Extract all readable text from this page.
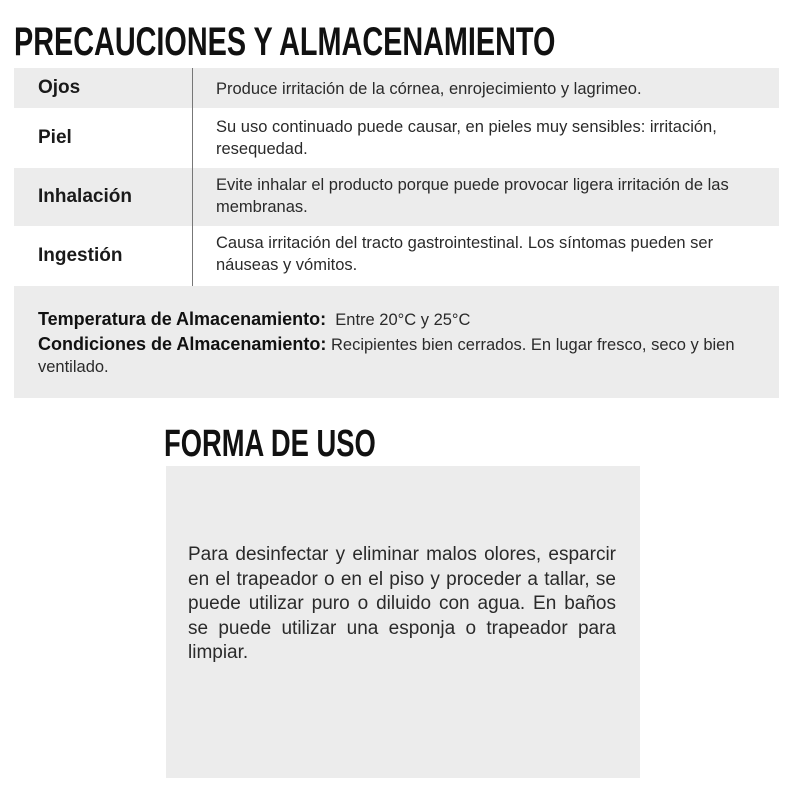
PRECAUCIONES Y ALMACENAMIENTO
Ojos	Produce irritación de la córnea, enrojecimiento y lagrimeo.
Piel	Su uso continuado puede causar, en pieles muy sensibles: irritación, resequedad.
Inhalación
Evite inhalar el producto porque puede provocar ligera irritación de las membranas.
Ingestión
Causa irritación del tracto gastrointestinal. Los síntomas pueden ser náuseas y vómitos.

Temperatura de Almacenamiento: Entre 20°C y 25°C

Condiciones de Almacenamiento: Recipientes bien cerrados. En lugar fresco, seco y bien ventilado.

FORMA DE USO

Para desinfectar y eliminar malos olores, esparcir en el trapeador o en el piso y proceder a tallar, se puede utilizar puro o diluido con agua. En baños se puede utilizar una esponja o trapeador para limpiar.
